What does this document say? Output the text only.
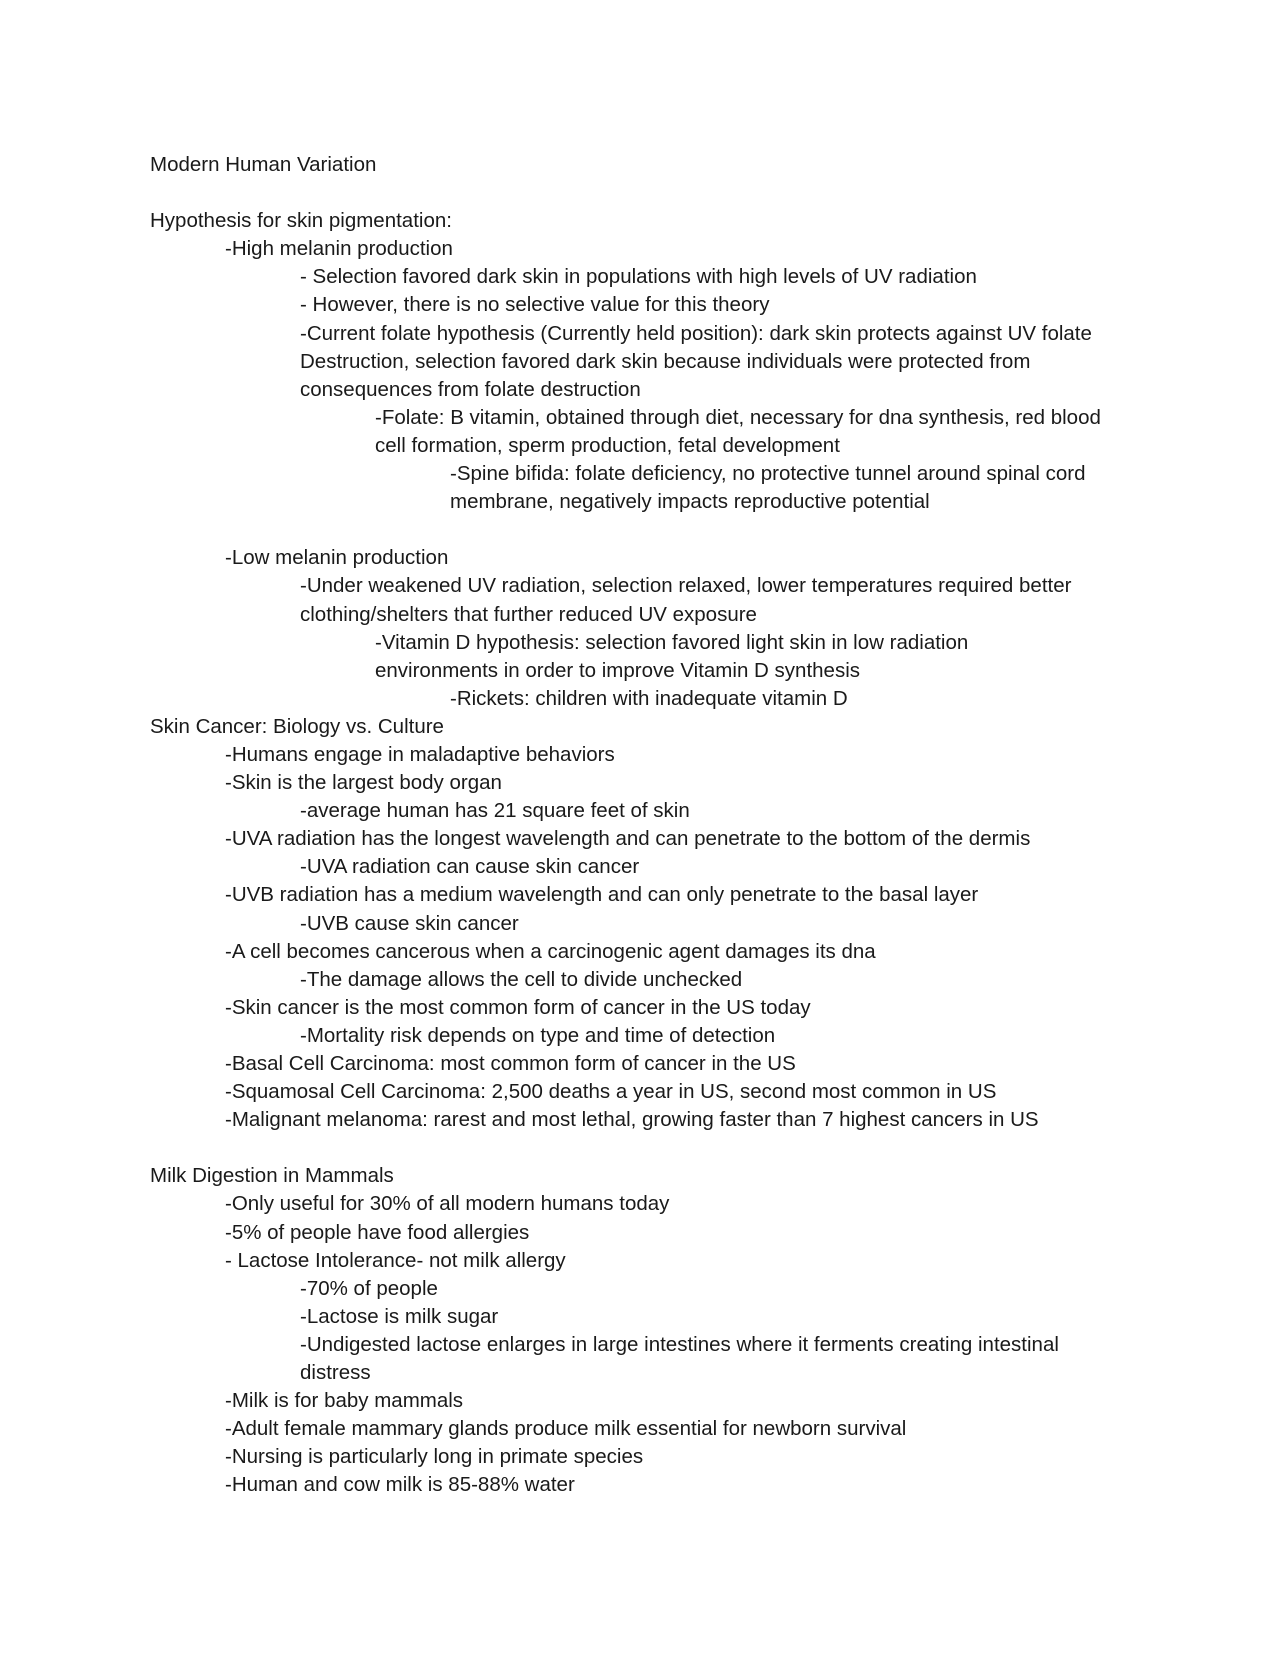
Modern Human Variation

Hypothesis for skin pigmentation:

-High melanin production

- Selection favored dark skin in populations with high levels of UV radiation

- However, there is no selective value for this theory

-Current folate hypothesis (Currently held position): dark skin protects against UV folate

Destruction, selection favored dark skin because individuals were protected from

consequences from folate destruction

-Folate: B vitamin, obtained through diet, necessary for dna synthesis, red blood

cell formation, sperm production, fetal development

-Spine bifida: folate deficiency, no protective tunnel around spinal cord

membrane, negatively impacts reproductive potential

-Low melanin production

-Under weakened UV radiation, selection relaxed, lower temperatures required better

clothing/shelters that further reduced UV exposure

-Vitamin D hypothesis: selection favored light skin in low radiation

environments in order to improve Vitamin D synthesis

-Rickets: children with inadequate vitamin D

Skin Cancer: Biology vs. Culture

-Humans engage in maladaptive behaviors

-Skin is the largest body organ

-average human has 21 square feet of skin

-UVA radiation has the longest wavelength and can penetrate to the bottom of the dermis

-UVA radiation can cause skin cancer

-UVB radiation has a medium wavelength and can only penetrate to the basal layer

-UVB cause skin cancer

-A cell becomes cancerous when a carcinogenic agent damages its dna

-The damage allows the cell to divide unchecked

-Skin cancer is the most common form of cancer in the US today

-Mortality risk depends on type and time of detection

-Basal Cell Carcinoma: most common form of cancer in the US

-Squamosal Cell Carcinoma: 2,500 deaths a year in US, second most common in US

-Malignant melanoma: rarest and most lethal, growing faster than 7 highest cancers in US

Milk Digestion in Mammals

-Only useful for 30% of all modern humans today

-5% of people have food allergies

- Lactose Intolerance- not milk allergy

-70% of people

-Lactose is milk sugar

-Undigested lactose enlarges in large intestines where it ferments creating intestinal

distress

-Milk is for baby mammals

-Adult female mammary glands produce milk essential for newborn survival

-Nursing is particularly long in primate species

-Human and cow milk is 85-88% water
